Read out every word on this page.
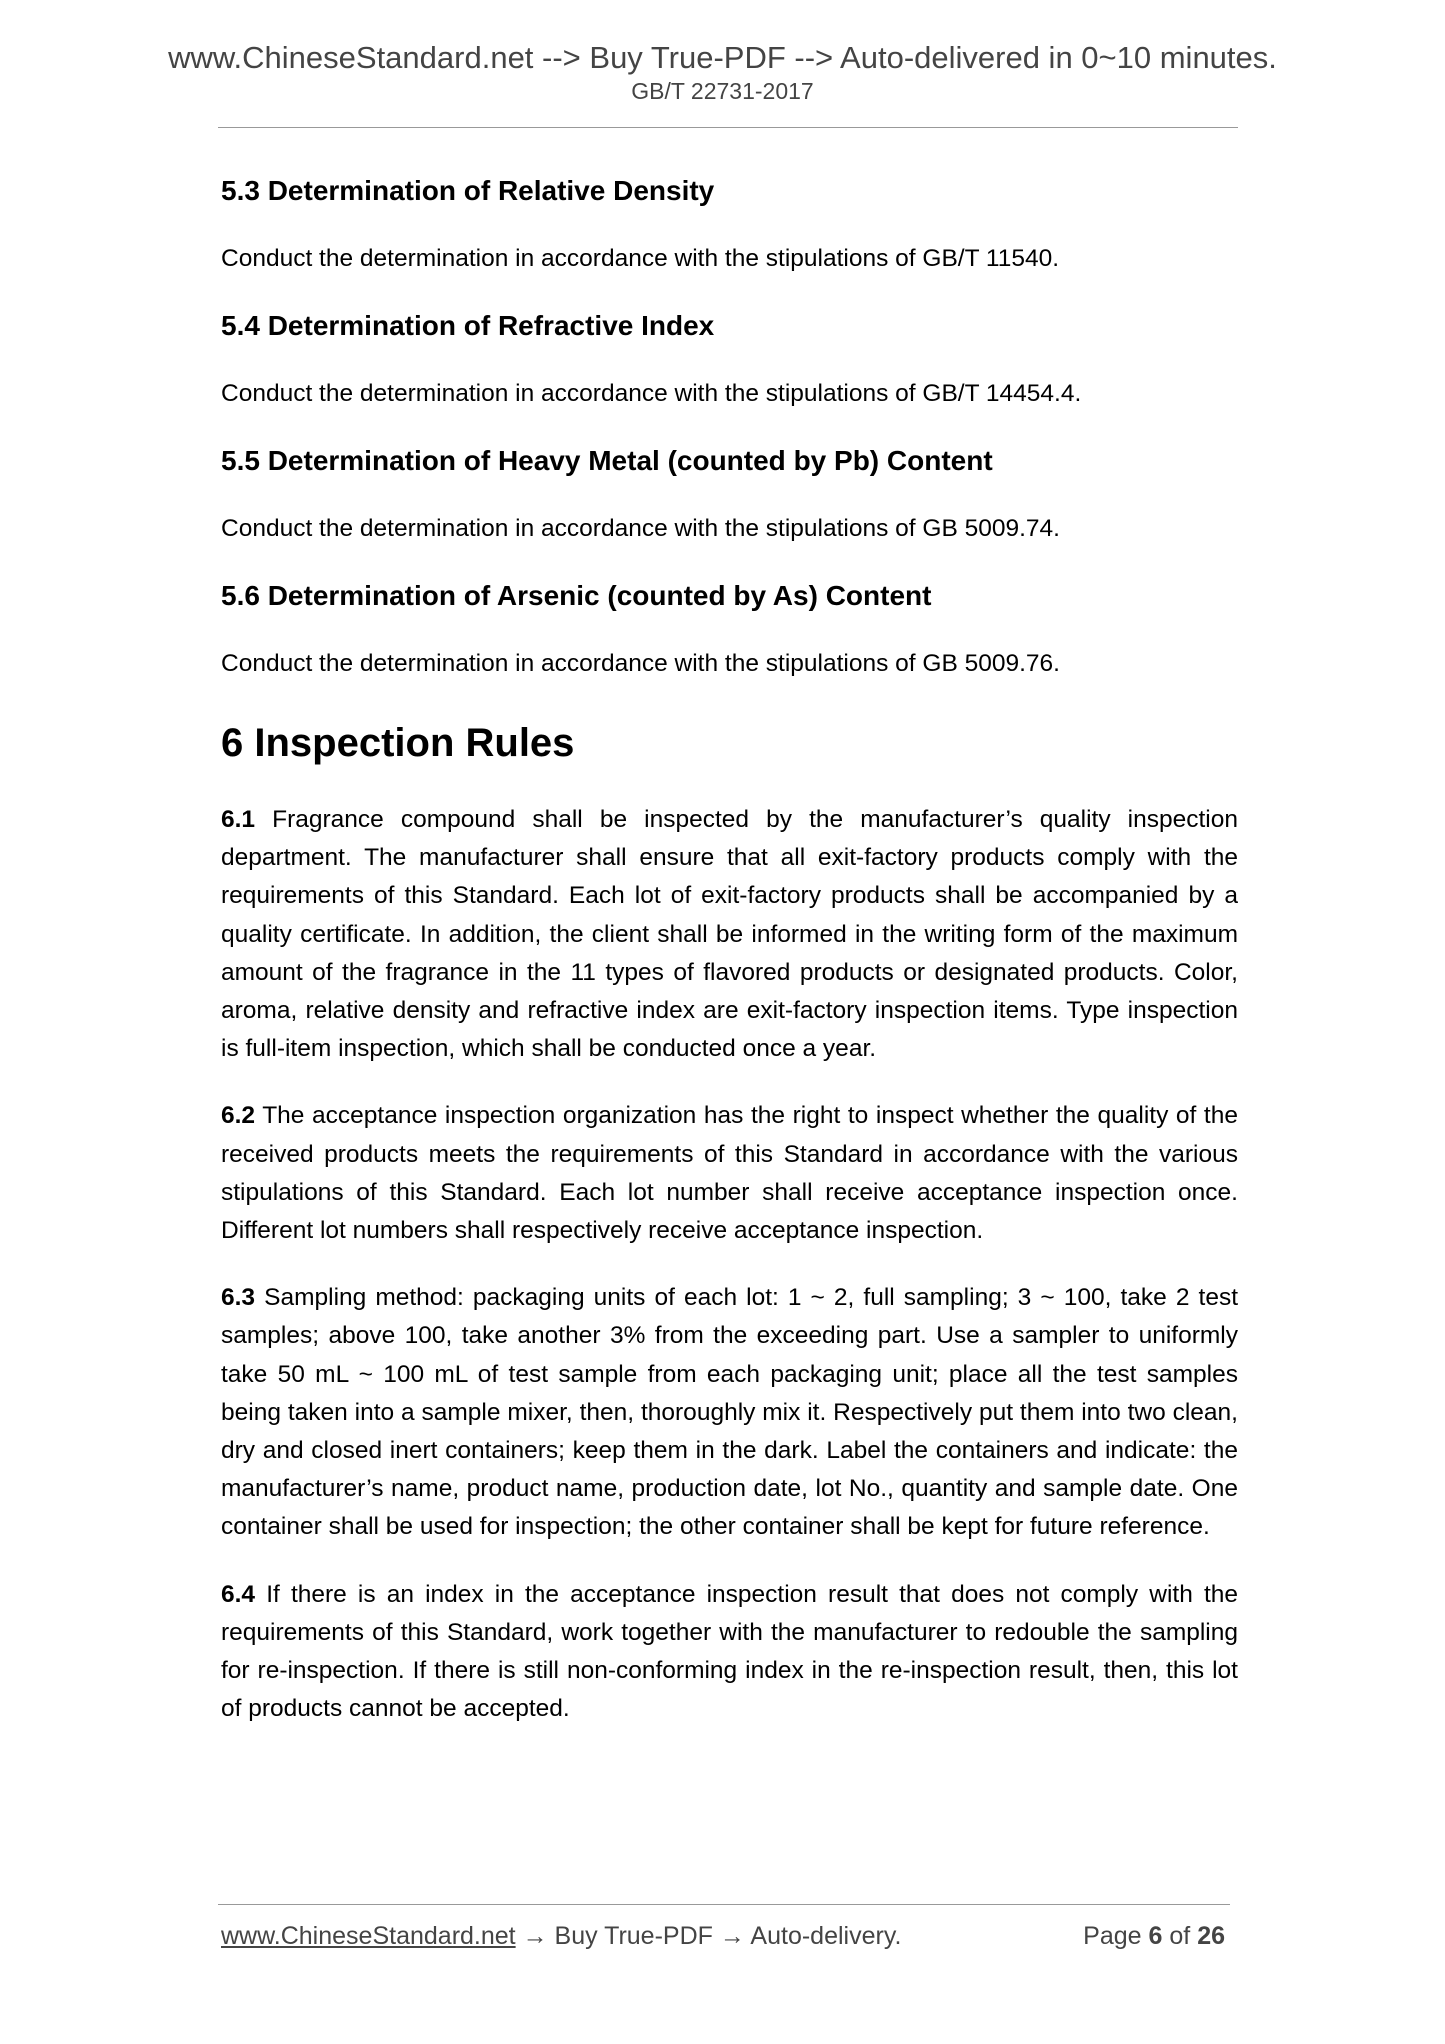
www.ChineseStandard.net --> Buy True-PDF --> Auto-delivered in 0~10 minutes.
GB/T 22731-2017

5.3 Determination of Relative Density

Conduct the determination in accordance with the stipulations of GB/T 11540.

5.4 Determination of Refractive Index

Conduct the determination in accordance with the stipulations of GB/T 14454.4.

5.5 Determination of Heavy Metal (counted by Pb) Content

Conduct the determination in accordance with the stipulations of GB 5009.74.

5.6 Determination of Arsenic (counted by As) Content

Conduct the determination in accordance with the stipulations of GB 5009.76.

6 Inspection Rules

6.1 Fragrance compound shall be inspected by the manufacturer’s quality inspection department. The manufacturer shall ensure that all exit-factory products comply with the requirements of this Standard. Each lot of exit-factory products shall be accompanied by a quality certificate. In addition, the client shall be informed in the writing form of the maximum amount of the fragrance in the 11 types of flavored products or designated products. Color, aroma, relative density and refractive index are exit-factory inspection items. Type inspection is full-item inspection, which shall be conducted once a year.

6.2 The acceptance inspection organization has the right to inspect whether the quality of the received products meets the requirements of this Standard in accordance with the various stipulations of this Standard. Each lot number shall receive acceptance inspection once. Different lot numbers shall respectively receive acceptance inspection.

6.3 Sampling method: packaging units of each lot: 1 ~ 2, full sampling; 3 ~ 100, take 2 test samples; above 100, take another 3% from the exceeding part. Use a sampler to uniformly take 50 mL ~ 100 mL of test sample from each packaging unit; place all the test samples being taken into a sample mixer, then, thoroughly mix it. Respectively put them into two clean, dry and closed inert containers; keep them in the dark. Label the containers and indicate: the manufacturer’s name, product name, production date, lot No., quantity and sample date. One container shall be used for inspection; the other container shall be kept for future reference.

6.4 If there is an index in the acceptance inspection result that does not comply with the requirements of this Standard, work together with the manufacturer to redouble the sampling for re-inspection. If there is still non-conforming index in the re-inspection result, then, this lot of products cannot be accepted.

www.ChineseStandard.net → Buy True-PDF → Auto-delivery.	Page 6 of 26
